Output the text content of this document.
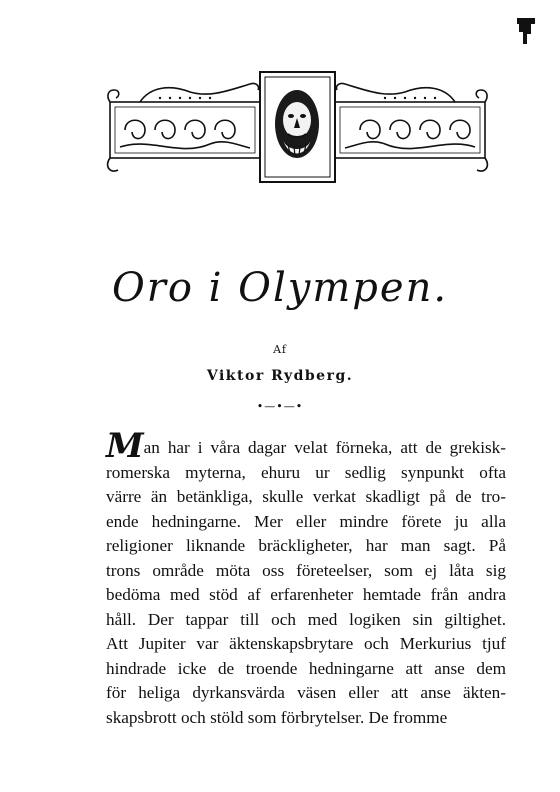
Oro i Olympen.
Af
Viktor Rydberg.
•—•—•
Man har i våra dagar velat förneka, att de grekisk-
romerska myterna, ehuru ur sedlig synpunkt ofta
värre än betänkliga, skulle verkat skadligt på de tro-
ende hedningarne. Mer eller mindre förete ju alla
religioner liknande bräckligheter, har man sagt. På
trons område möta oss företeelser, som ej låta sig
bedöma med stöd af erfarenheter hemtade från andra
håll. Der tappar till och med logiken sin giltighet.
Att Jupiter var äktenskapsbrytare och Merkurius tjuf
hindrade icke de troende hedningarne att anse dem
för heliga dyrkansvärda väsen eller att anse äkten-
skapsbrott och stöld som förbrytelser. De fromme
